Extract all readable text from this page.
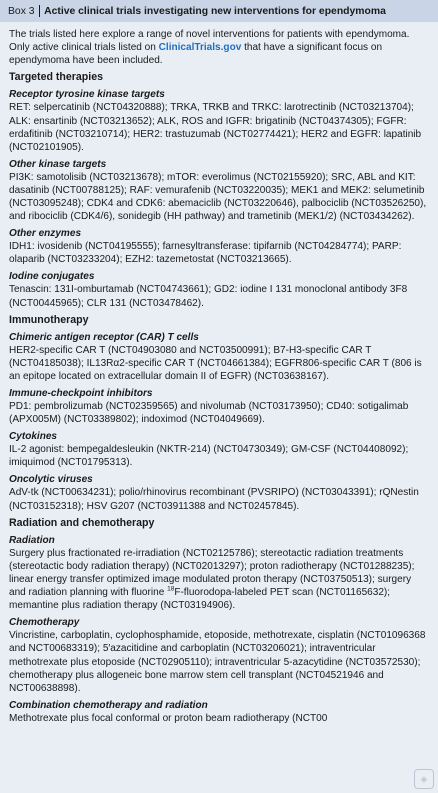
Box 3 Active clinical trials investigating new interventions for ependymoma

The trials listed here explore a range of novel interventions for patients with ependymoma. Only active clinical trials listed on ClinicalTrials.gov that have a significant focus on ependymoma have been included.

Targeted therapies
Receptor tyrosine kinase targets

RET: selpercatinib (NCT04320888); TRKA, TRKB and TRKC: larotrectinib (NCT03213704); ALK: ensartinib (NCT03213652); ALK, ROS and IGFR: brigatinib (NCT04374305); FGFR: erdafitinib (NCT03210714); HER2: trastuzumab (NCT02774421); HER2 and EGFR: lapatinib (NCT02101905).

Other kinase targets

PI3K: samotolisib (NCT03213678); mTOR: everolimus (NCT02155920); SRC, ABL and KIT: dasatinib (NCT00788125); RAF: vemurafenib (NCT03220035); MEK1 and MEK2: selumetinib (NCT03095248); CDK4 and CDK6: abemaciclib (NCT03220646), palbociclib (NCT03526250), and ribociclib (CDK4/6), sonidegib (HH pathway) and trametinib (MEK1/2) (NCT03434262).

Other enzymes

IDH1: ivosidenib (NCT04195555); farnesyltransferase: tipifarnib (NCT04284774); PARP: olaparib (NCT03233204); EZH2: tazemetostat (NCT03213665).

Iodine conjugates

Tenascin: 131I-omburtamab (NCT04743661); GD2: iodine I 131 monoclonal antibody 3F8 (NCT00445965); CLR 131 (NCT03478462).

Immunotherapy
Chimeric antigen receptor (CAR) T cells

HER2-specific CAR T (NCT04903080 and NCT03500991); B7-H3-specific CAR T (NCT04185038); IL13Rα2-specific CAR T (NCT04661384); EGFR806-specific CAR T (806 is an epitope located on extracellular domain II of EGFR) (NCT03638167).

Immune-checkpoint inhibitors

PD1: pembrolizumab (NCT02359565) and nivolumab (NCT03173950); CD40: sotigalimab (APX005M) (NCT03389802); indoximod (NCT04049669).

Cytokines

IL-2 agonist: bempegaldesleukin (NKTR-214) (NCT04730349); GM-CSF (NCT04408092); imiquimod (NCT01795313).

Oncolytic viruses

AdV-tk (NCT00634231); polio/rhinovirus recombinant (PVSRIPO) (NCT03043391); rQNestin (NCT03152318); HSV G207 (NCT03911388 and NCT02457845).

Radiation and chemotherapy
Radiation

Surgery plus fractionated re-irradiation (NCT02125786); stereotactic radiation treatments (stereotactic body radiation therapy) (NCT02013297); proton radiotherapy (NCT01288235); linear energy transfer optimized image modulated proton therapy (NCT03750513); surgery and radiation planning with fluorine $^{18}$F-fluorodopa-labeled PET scan (NCT01165632); memantine plus radiation therapy (NCT03194906).

Chemotherapy

Vincristine, carboplatin, cyclophosphamide, etoposide, methotrexate, cisplatin (NCT01096368 and NCT00683319); 5′azacitidine and carboplatin (NCT03206021); intraventricular methotrexate plus etoposide (NCT02905110); intraventricular 5-azacytidine (NCT03572530); chemotherapy plus allogeneic bone marrow stem cell transplant (NCT04521946 and NCT00638898).

Combination chemotherapy and radiation

Methotrexate plus focal conformal or proton beam radiotherapy (NCT00

◈
